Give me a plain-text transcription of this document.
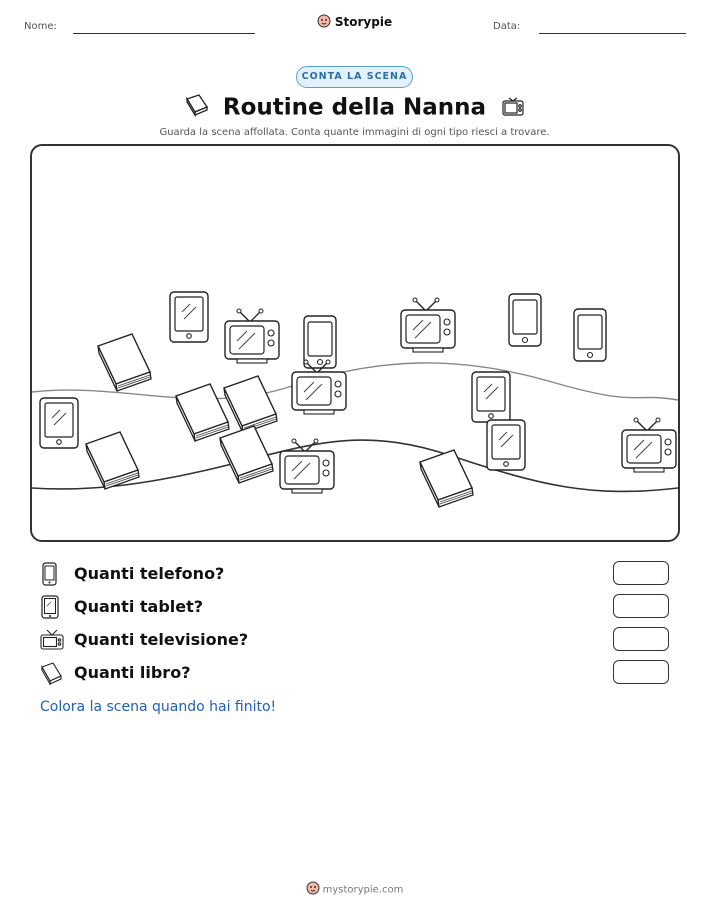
Nome:	Storypie	Data:
CONTA LA SCENA
Routine della Nanna
Guarda la scena affollata. Conta quante immagini di ogni tipo riesci a trovare.
Quanti telefono?
Quanti tablet?
Quanti televisione?
Quanti libro?
Colora la scena quando hai finito!
mystorypie.com
